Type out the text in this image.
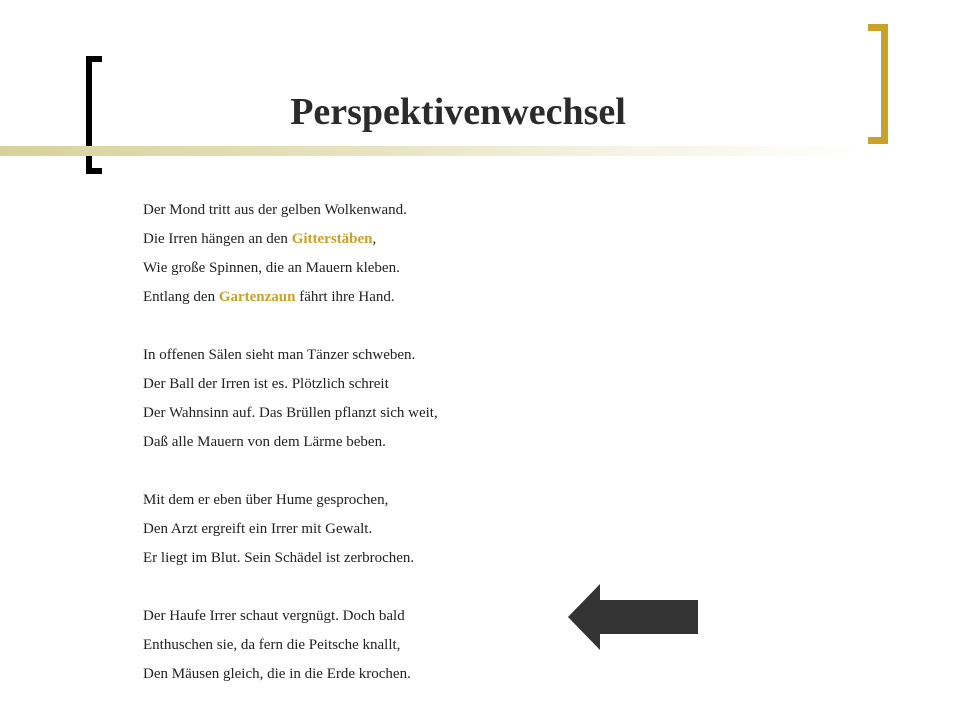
Perspektivenwechsel

Der Mond tritt aus der gelben Wolkenwand.

Die Irren hängen an den Gitterstäben,

Wie große Spinnen, die an Mauern kleben.

Entlang den Gartenzaun fährt ihre Hand.

In offenen Sälen sieht man Tänzer schweben.

Der Ball der Irren ist es. Plötzlich schreit

Der Wahnsinn auf. Das Brüllen pflanzt sich weit,

Daß alle Mauern von dem Lärme beben.

Mit dem er eben über Hume gesprochen,

Den Arzt ergreift ein Irrer mit Gewalt.

Er liegt im Blut. Sein Schädel ist zerbrochen.

Der Haufe Irrer schaut vergnügt. Doch bald

Enthuschen sie, da fern die Peitsche knallt,

Den Mäusen gleich, die in die Erde krochen.
